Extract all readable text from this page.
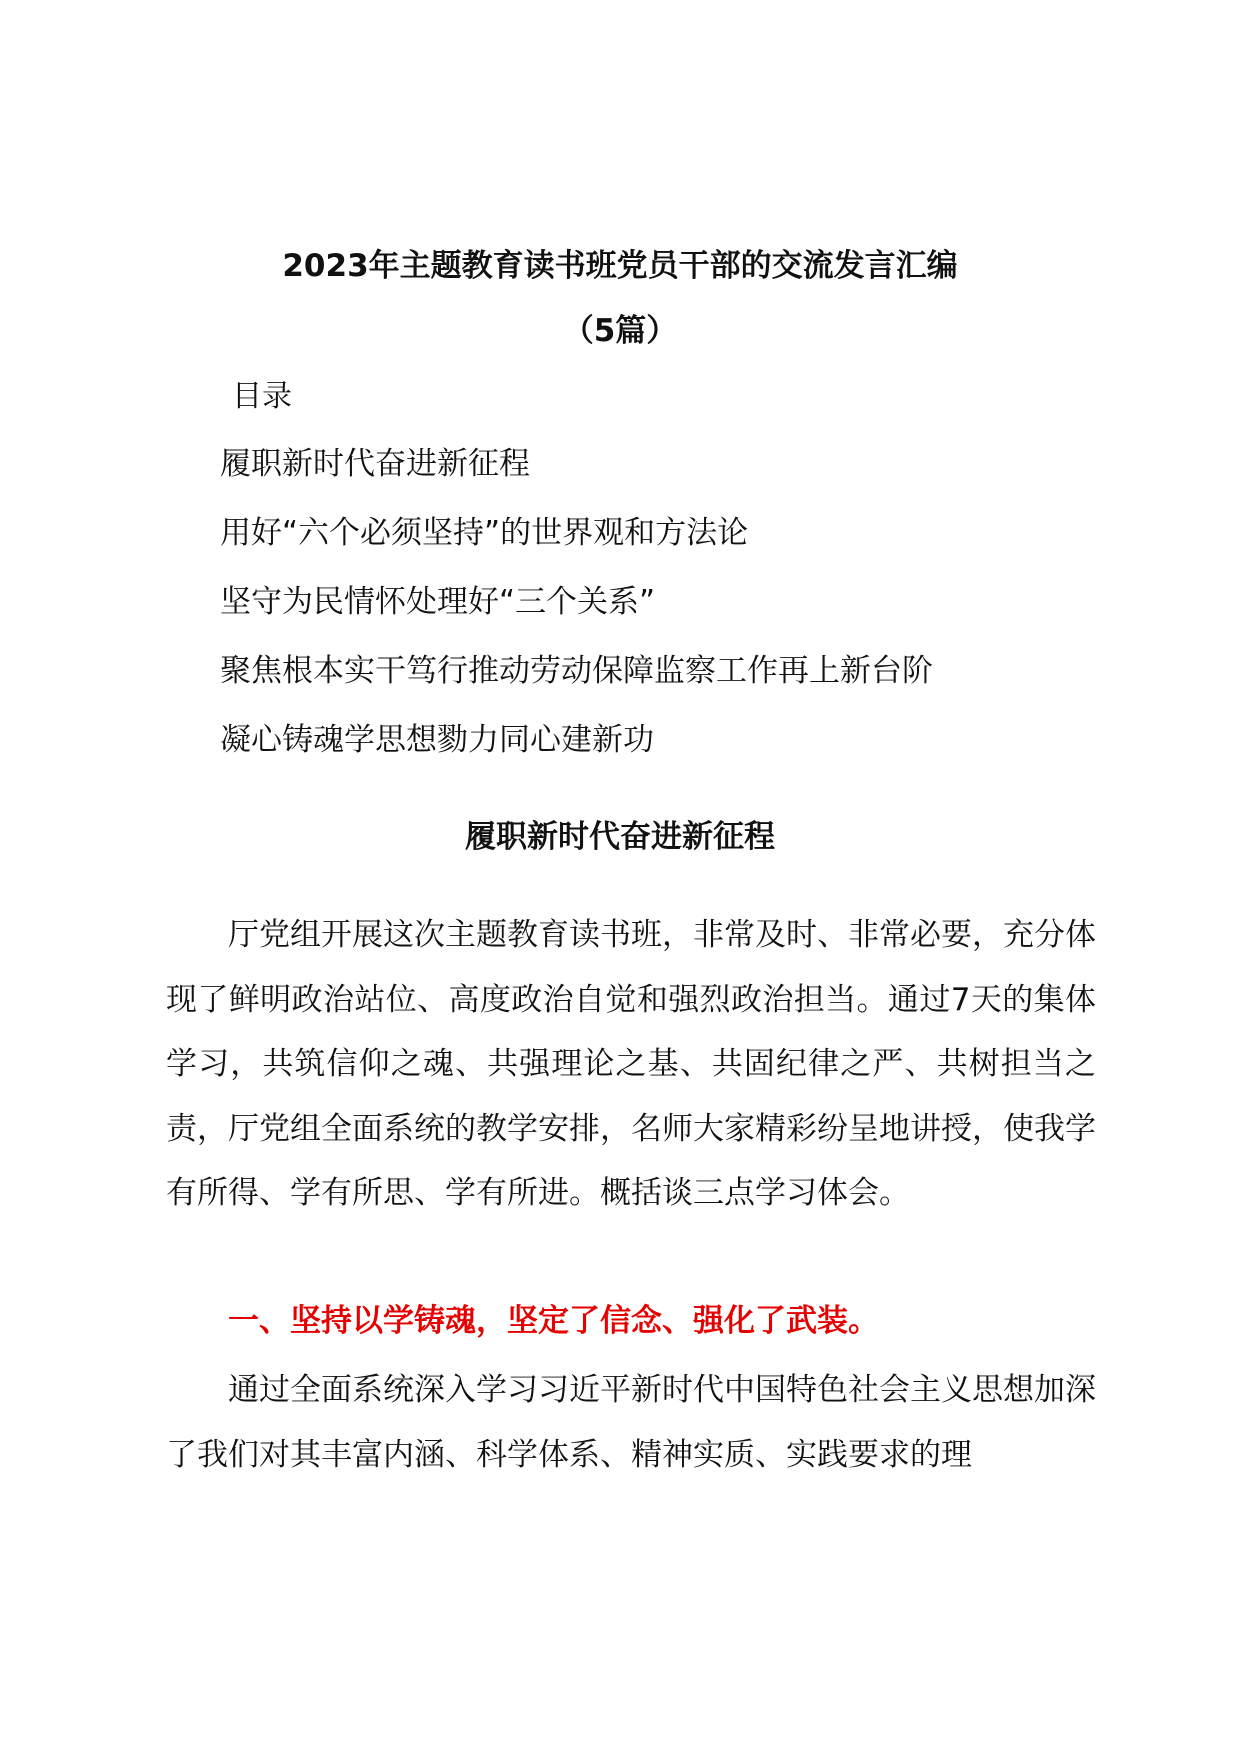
2023年主题教育读书班党员干部的交流发言汇编
（5篇）
目录
履职新时代奋进新征程
用好“六个必须坚持”的世界观和方法论
坚守为民情怀处理好“三个关系”
聚焦根本实干笃行推动劳动保障监察工作再上新台阶
凝心铸魂学思想勠力同心建新功
履职新时代奋进新征程

厅党组开展这次主题教育读书班，非常及时、非常必要，充分体现了鲜明政治站位、高度政治自觉和强烈政治担当。通过7天的集体学习，共筑信仰之魂、共强理论之基、共固纪律之严、共树担当之责，厅党组全面系统的教学安排，名师大家精彩纷呈地讲授，使我学有所得、学有所思、学有所进。概括谈三点学习体会。

一、坚持以学铸魂，坚定了信念、强化了武装。

通过全面系统深入学习习近平新时代中国特色社会主义思想加深了我们对其丰富内涵、科学体系、精神实质、实践要求的理
